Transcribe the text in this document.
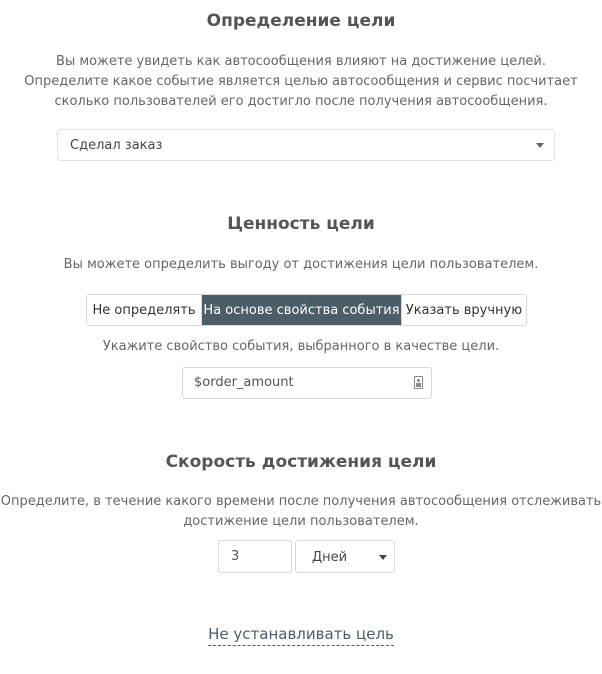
Определение цели

Вы можете увидеть как автосообщения влияют на достижение целей.
Определите какое событие является целью автосообщения и сервис посчитает
сколько пользователей его достигло после получения автосообщения.

Сделал заказ
Ценность цели

Вы можете определить выгоду от достижения цели пользователем.

Не определять На основе свойства события Указать вручную

Укажите свойство события, выбранного в качестве цели.

$order_amount
Скорость достижения цели

Определите, в течение какого времени после получения автосообщения отслеживать
достижение цели пользователем.

3
Дней
Не устанавливать цель
